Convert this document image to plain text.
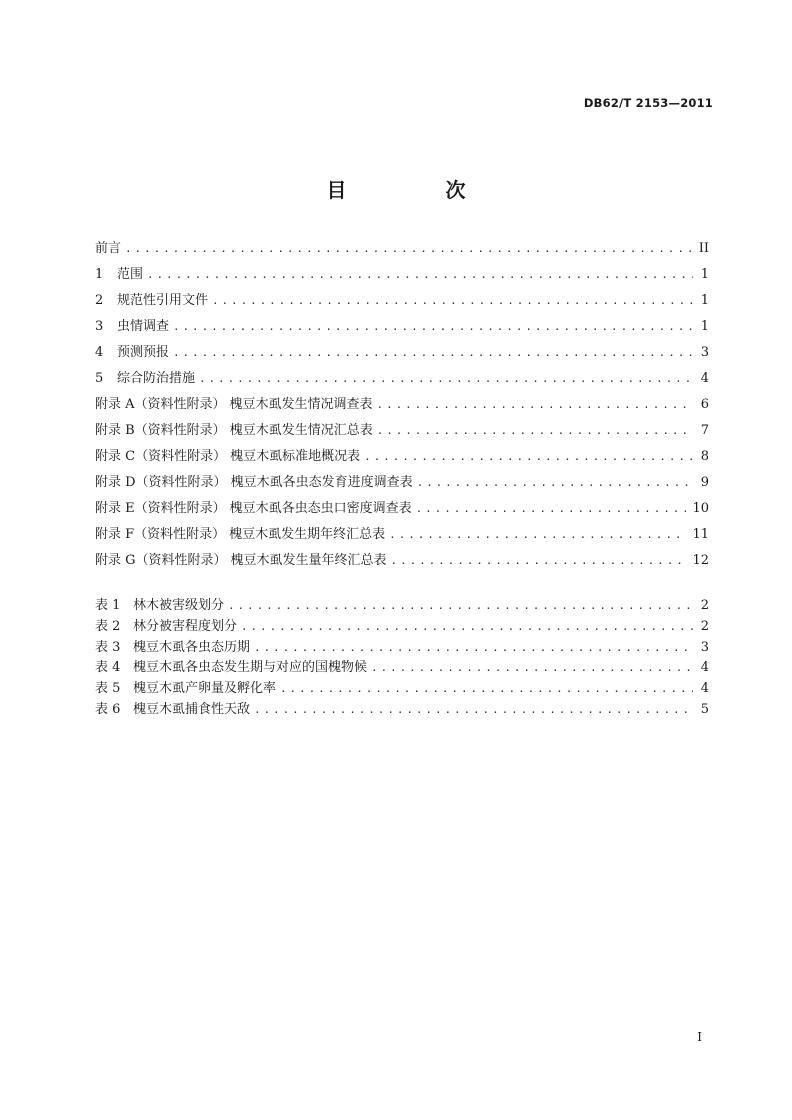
DB62/T 2153—2011
目 次
前言 .....	II
1	范围 .....	1
2	规范性引用文件 .....	1
3	虫情调查 .....	1
4	预测预报 .....	3
5	综合防治措施 .....	4
附录 A（资料性附录） 槐豆木虱发生情况调查表 .....	6
附录 B（资料性附录） 槐豆木虱发生情况汇总表 .....	7
附录 C（资料性附录） 槐豆木虱标准地概况表 .....	8
附录 D（资料性附录） 槐豆木虱各虫态发育进度调查表 .....	9
附录 E（资料性附录） 槐豆木虱各虫态虫口密度调查表 .....	10
附录 F（资料性附录） 槐豆木虱发生期年终汇总表 .....	11
附录 G（资料性附录） 槐豆木虱发生量年终汇总表 .....	12
表 1 林木被害级划分 .....	2
表 2 林分被害程度划分 .....	2
表 3 槐豆木虱各虫态历期 .....	3
表 4 槐豆木虱各虫态发生期与对应的国槐物候 .....	4
表 5 槐豆木虱产卵量及孵化率 .....	4
表 6 槐豆木虱捕食性天敌 .....	5
I
